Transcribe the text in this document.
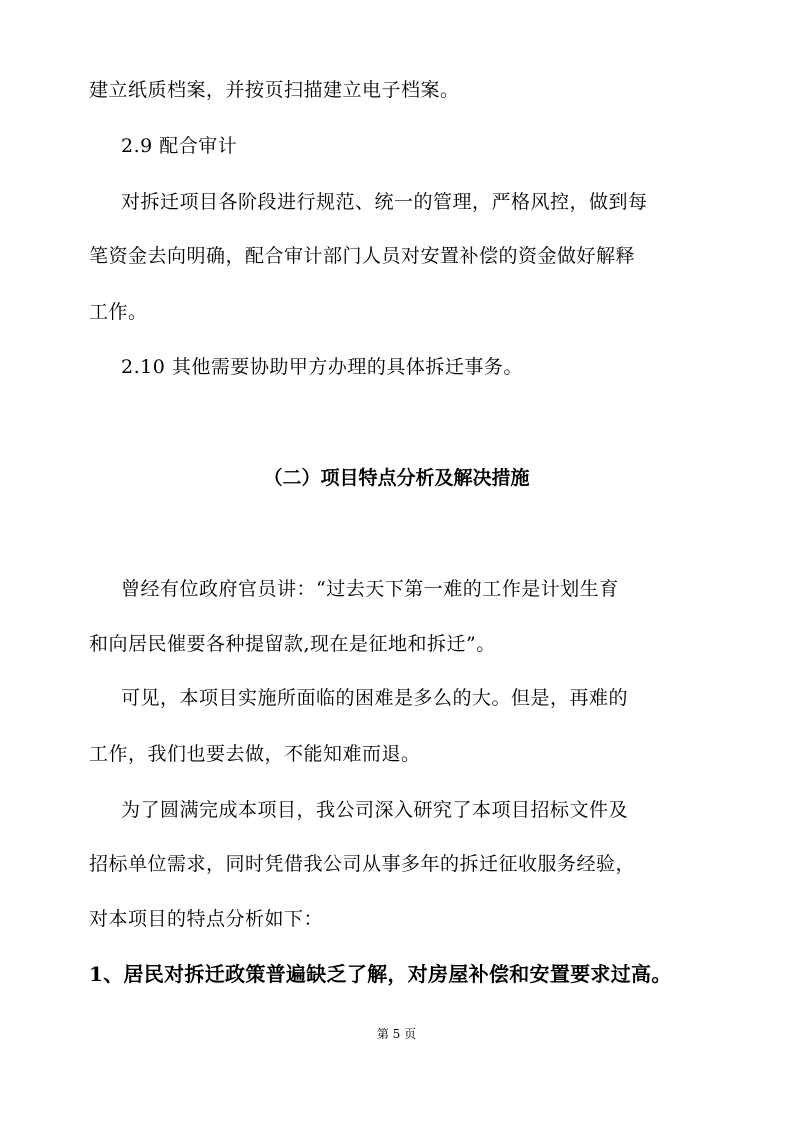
建立纸质档案，并按页扫描建立电子档案。
2.9 配合审计
对拆迁项目各阶段进行规范、统一的管理，严格风控，做到每
笔资金去向明确，配合审计部门人员对安置补偿的资金做好解释
工作。
2.10 其他需要协助甲方办理的具体拆迁事务。
（二）项目特点分析及解决措施
曾经有位政府官员讲：“过去天下第一难的工作是计划生育
和向居民催要各种提留款,现在是征地和拆迁”。
可见，本项目实施所面临的困难是多么的大。但是，再难的
工作，我们也要去做，不能知难而退。
为了圆满完成本项目，我公司深入研究了本项目招标文件及
招标单位需求，同时凭借我公司从事多年的拆迁征收服务经验，
对本项目的特点分析如下：
1、居民对拆迁政策普遍缺乏了解，对房屋补偿和安置要求过高。
第 5 页
